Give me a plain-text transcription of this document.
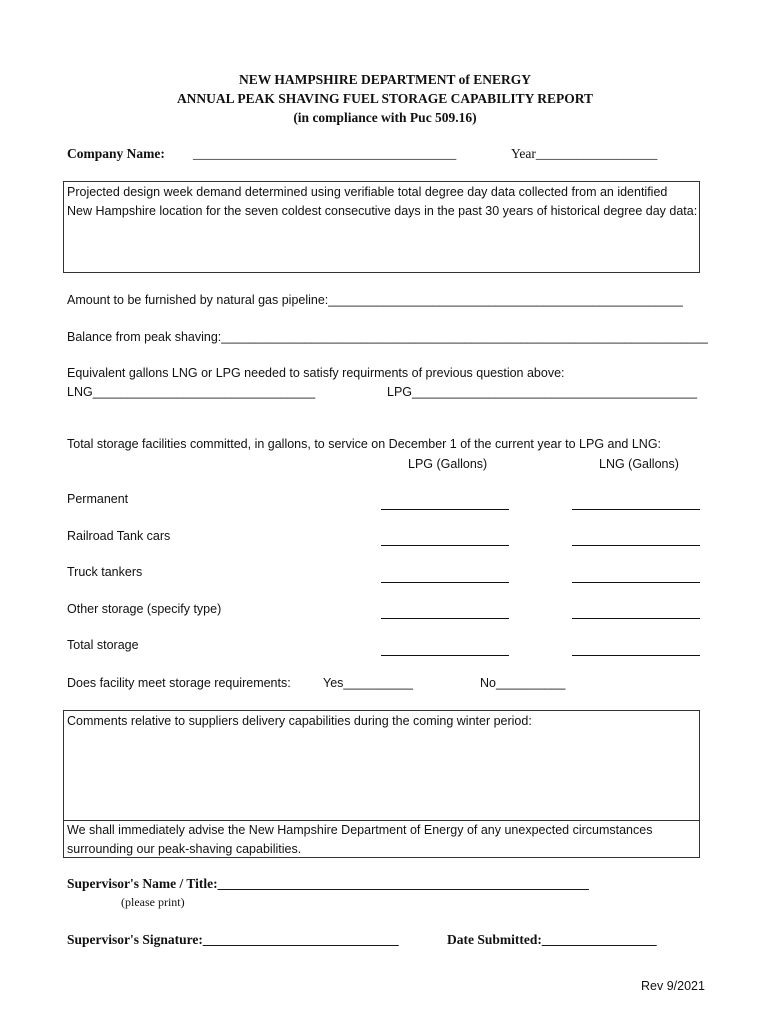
NEW HAMPSHIRE DEPARTMENT of ENERGY
ANNUAL PEAK SHAVING FUEL STORAGE CAPABILITY REPORT
(in compliance with Puc 509.16)
Company Name: _______________________________________	Year__________________
Projected design week demand determined using verifiable total degree day data collected from an identified
New Hampshire location for the seven coldest consecutive days in the past 30 years of historical degree day data:
Amount to be furnished by natural gas pipeline:___________________________________________________
Balance from peak shaving:______________________________________________________________________
Equivalent gallons LNG or LPG needed to satisfy requirments of previous question above:
LNG________________________________	LPG_________________________________________
Total storage facilities committed, in gallons, to service on December 1 of the current year to LPG and LNG:
LPG (Gallons)	LNG (Gallons)
Permanent
Railroad Tank cars
Truck tankers
Other storage (specify type)
Total storage
Does facility meet storage requirements:	Yes__________	No__________
Comments relative to suppliers delivery capabilities during the coming winter period:
We shall immediately advise the New Hampshire Department of Energy of any unexpected circumstances
surrounding our peak-shaving capabilities.
Supervisor's Name / Title:_______________________________________________________
(please print)
Supervisor's Signature:_____________________________	Date Submitted:_________________
Rev 9/2021
